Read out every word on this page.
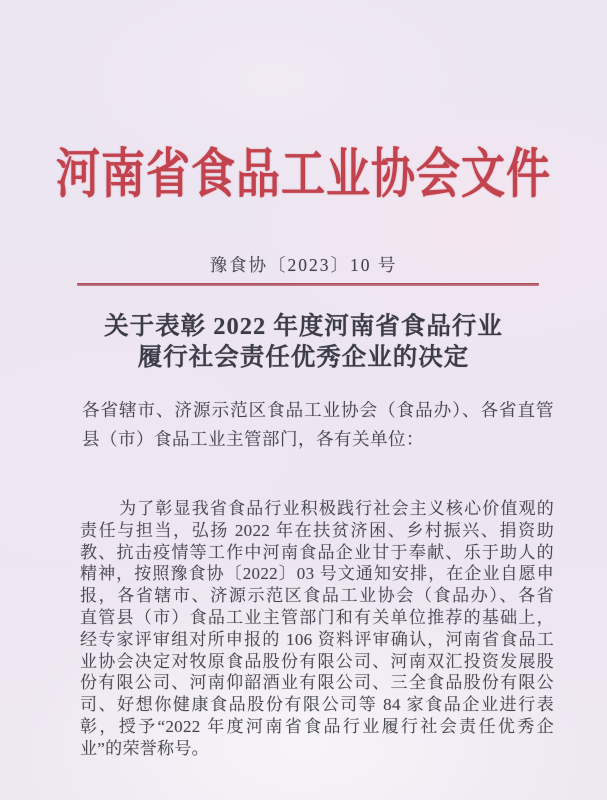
河南省食品工业协会文件
豫食协〔2023〕10 号
关于表彰 2022 年度河南省食品行业
履行社会责任优秀企业的决定
各省辖市、济源示范区食品工业协会（食品办）、各省直管
县（市）食品工业主管部门，各有关单位：
为了彰显我省食品行业积极践行社会主义核心价值观的
责任与担当，弘扬 2022 年在扶贫济困、乡村振兴、捐资助
教、抗击疫情等工作中河南食品企业甘于奉献、乐于助人的
精神，按照豫食协〔2022〕03 号文通知安排，在企业自愿申
报，各省辖市、济源示范区食品工业协会（食品办）、各省
直管县（市）食品工业主管部门和有关单位推荐的基础上，
经专家评审组对所申报的 106 资料评审确认，河南省食品工
业协会决定对牧原食品股份有限公司、河南双汇投资发展股
份有限公司、河南仰韶酒业有限公司、三全食品股份有限公
司、好想你健康食品股份有限公司等 84 家食品企业进行表
彰，授予“2022 年度河南省食品行业履行社会责任优秀企
业”的荣誉称号。
